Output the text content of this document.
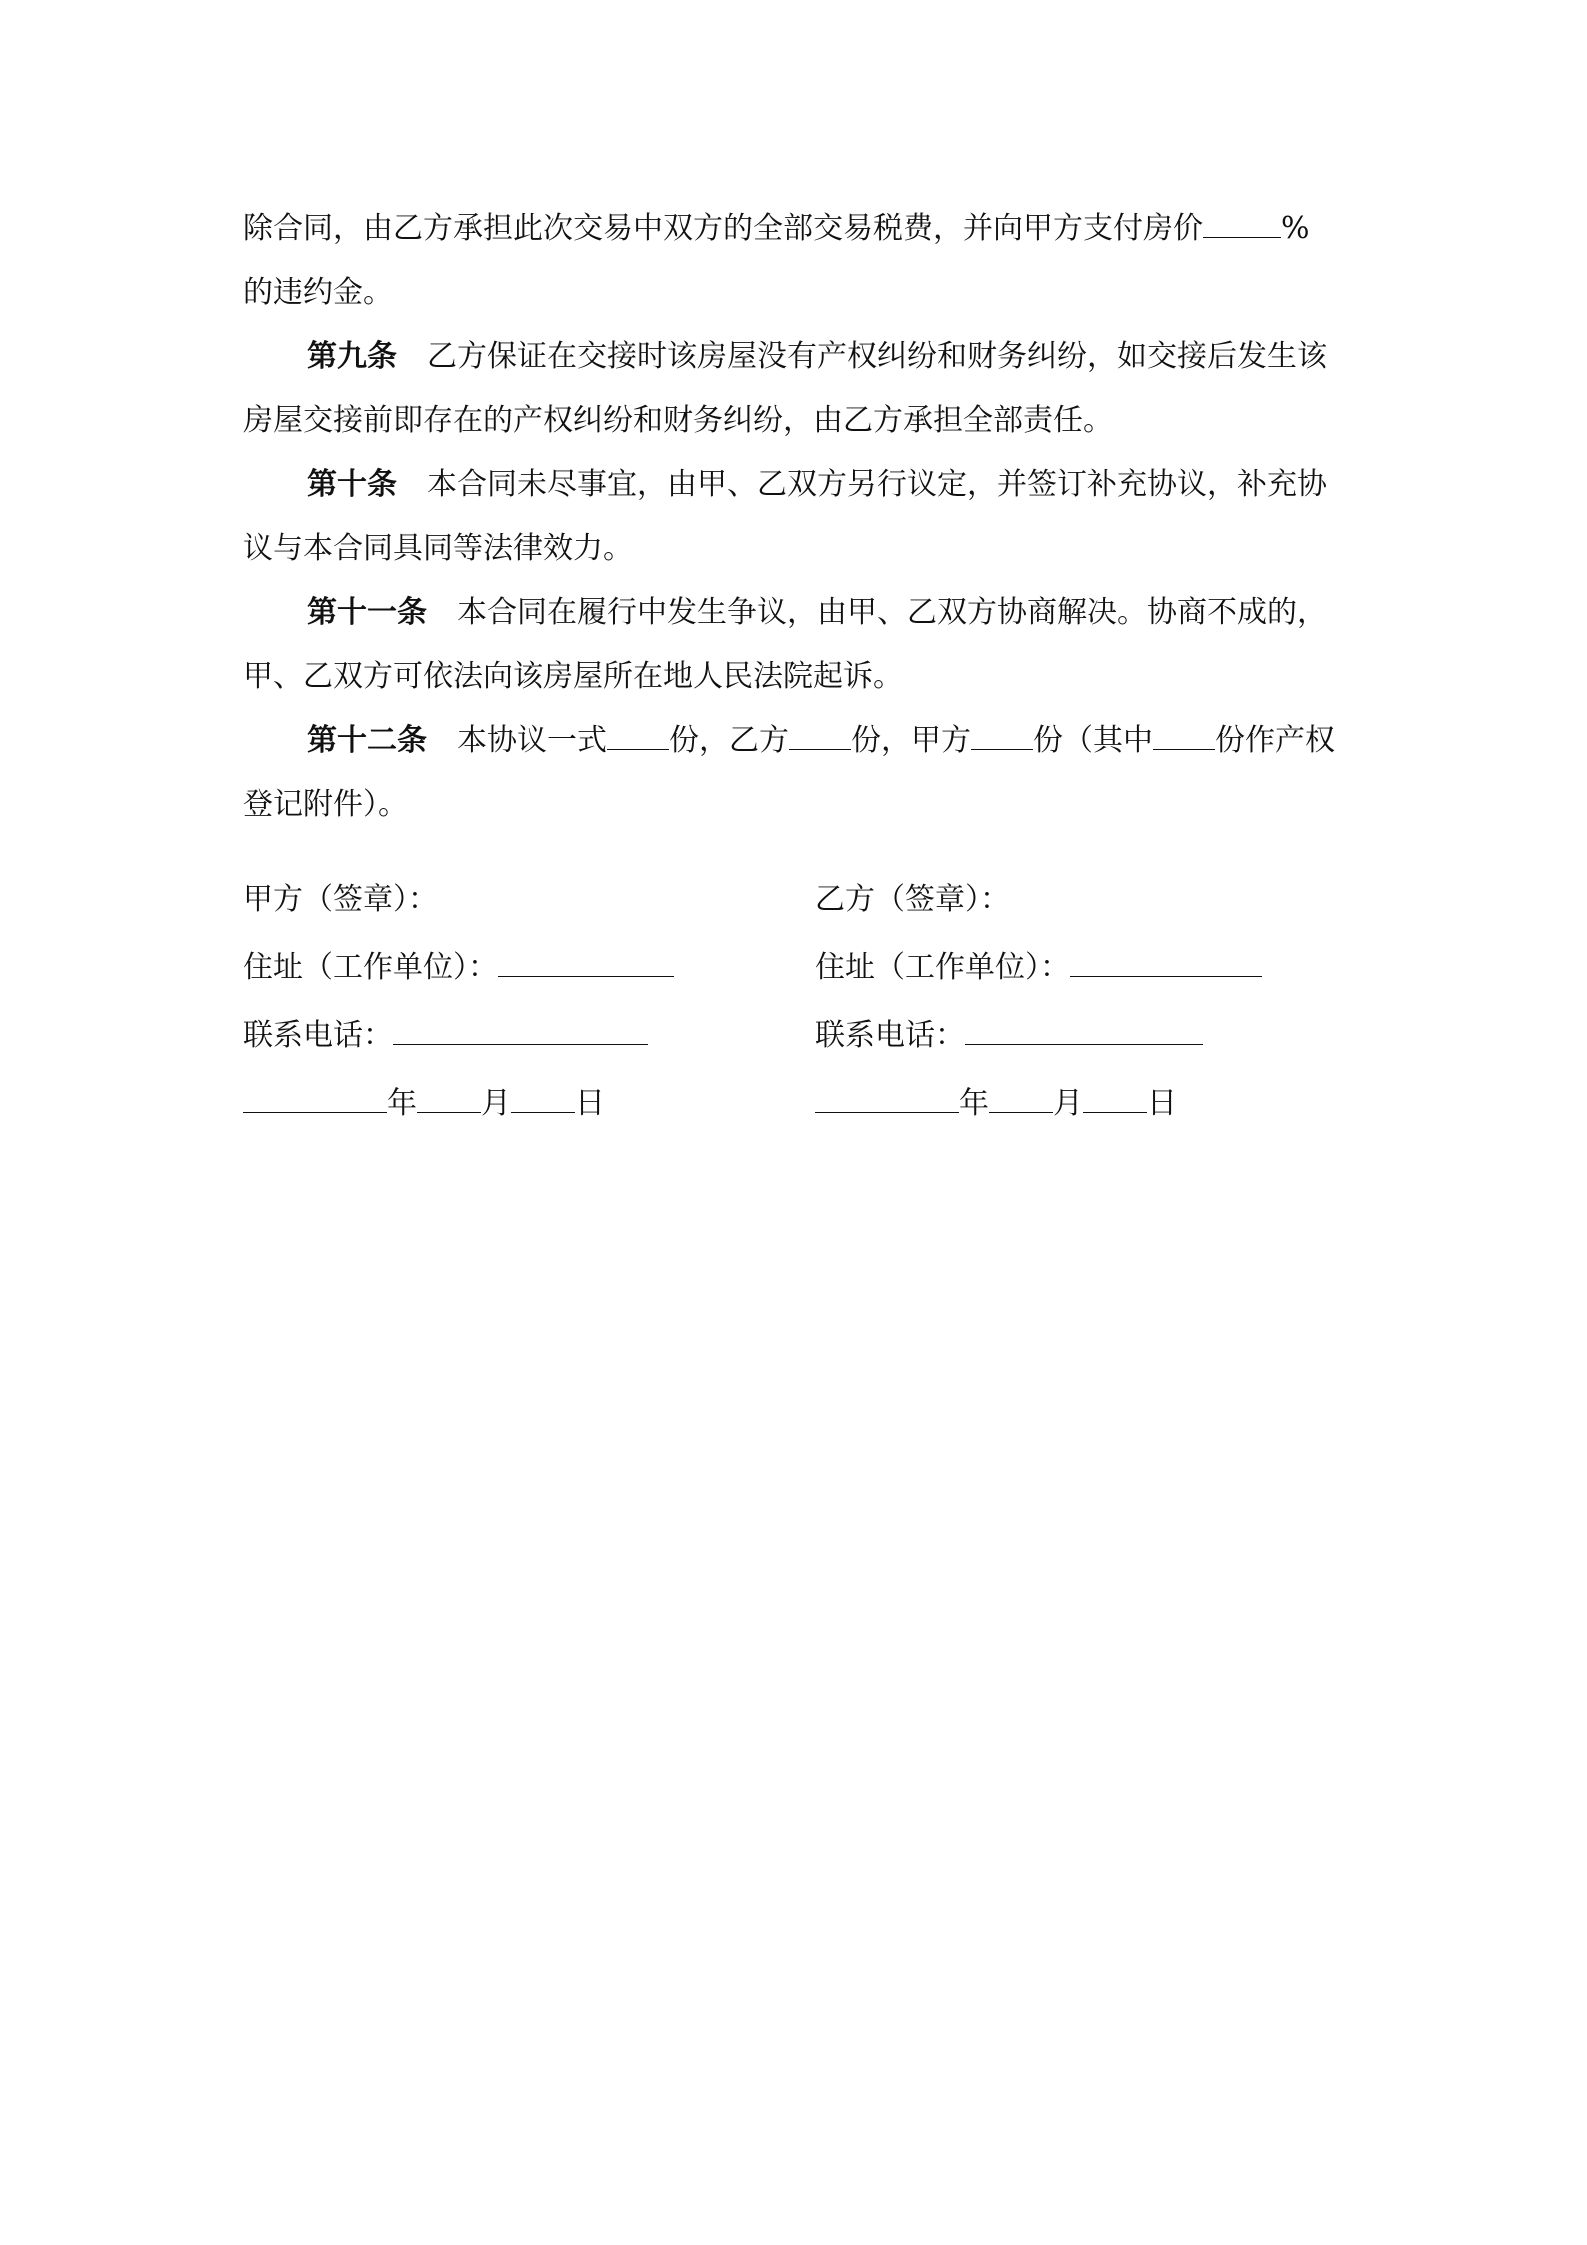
除合同，由乙方承担此次交易中双方的全部交易税费，并向甲方支付房价	%
的违约金。

第九条 乙方保证在交接时该房屋没有产权纠纷和财务纠纷，如交接后发生该房屋交接前即存在的产权纠纷和财务纠纷，由乙方承担全部责任。

第十条 本合同未尽事宜，由甲、乙双方另行议定，并签订补充协议，补充协议与本合同具同等法律效力。

第十一条 本合同在履行中发生争议，由甲、乙双方协商解决。协商不成的，甲、乙双方可依法向该房屋所在地人民法院起诉。

第十二条 本协议一式 份，乙方 份，甲方 份（其中 份作产权登记附件）。

甲方（签章）：
住址（工作单位）：
联系电话：
年 月 日
乙方（签章）：
住址（工作单位）：
联系电话：
年 月 日
